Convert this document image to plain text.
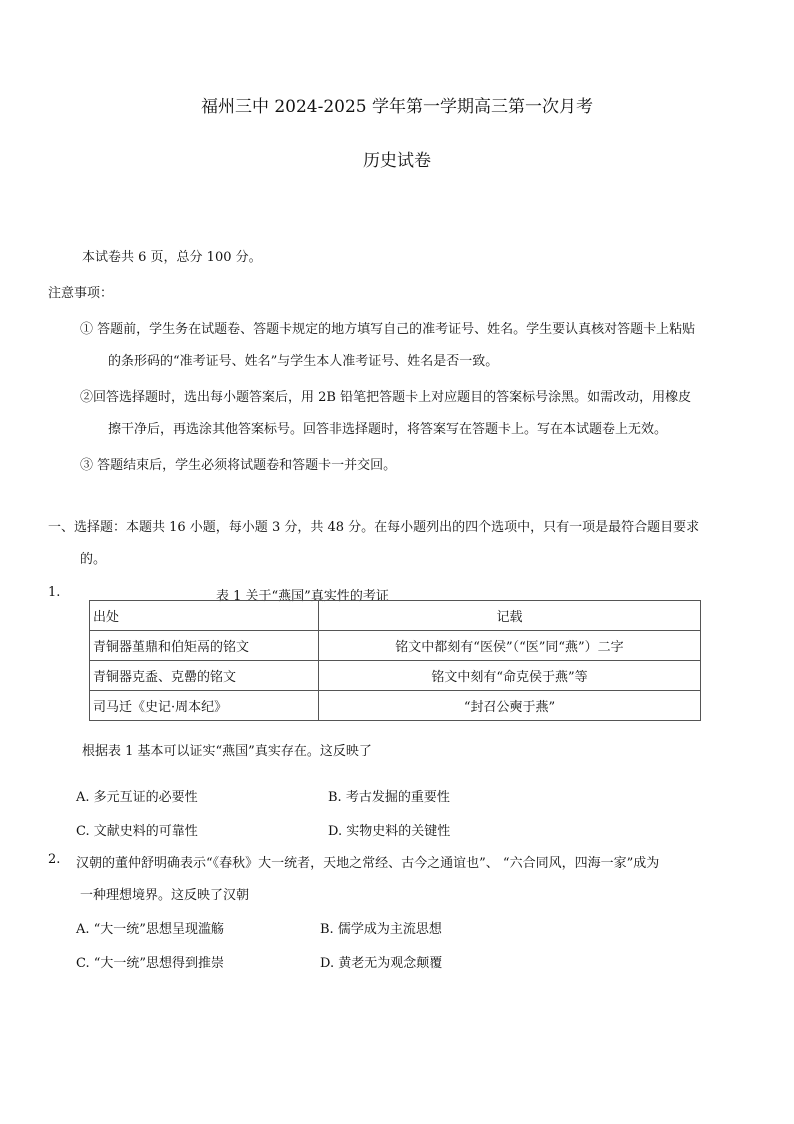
福州三中 2024-2025 学年第一学期高三第一次月考
历史试卷
本试卷共 6 页，总分 100 分。
注意事项：
① 答题前，学生务在试题卷、答题卡规定的地方填写自己的准考证号、姓名。学生要认真核对答题卡上粘贴
的条形码的“准考证号、姓名”与学生本人准考证号、姓名是否一致。
②回答选择题时，选出每小题答案后，用 2B 铅笔把答题卡上对应题目的答案标号涂黑。如需改动，用橡皮
擦干净后，再选涂其他答案标号。回答非选择题时，将答案写在答题卡上。写在本试题卷上无效。
③ 答题结束后，学生必须将试题卷和答题卡一并交回。
一、选择题：本题共 16 小题，每小题 3 分，共 48 分。在每小题列出的四个选项中，只有一项是最符合题目要求
的。
1.	表 1 关于“燕国”真实性的考证
出处	记载
青铜器堇鼎和伯矩鬲的铭文	铭文中都刻有“医侯”（“医”同“燕”）二字
青铜器克盉、克罍的铭文	铭文中刻有“命克侯于燕”等
司马迁《史记·周本纪》	“封召公奭于燕”
根据表 1 基本可以证实“燕国”真实存在。这反映了
A. 多元互证的必要性	B. 考古发掘的重要性
C. 文献史料的可靠性	D. 实物史料的关键性
2. 汉朝的董仲舒明确表示“《春秋》大一统者，天地之常经、古今之通谊也”、 “六合同风，四海一家”成为
一种理想境界。这反映了汉朝
A. “大一统”思想呈现滥觞	B. 儒学成为主流思想
C. “大一统”思想得到推崇	D. 黄老无为观念颠覆
